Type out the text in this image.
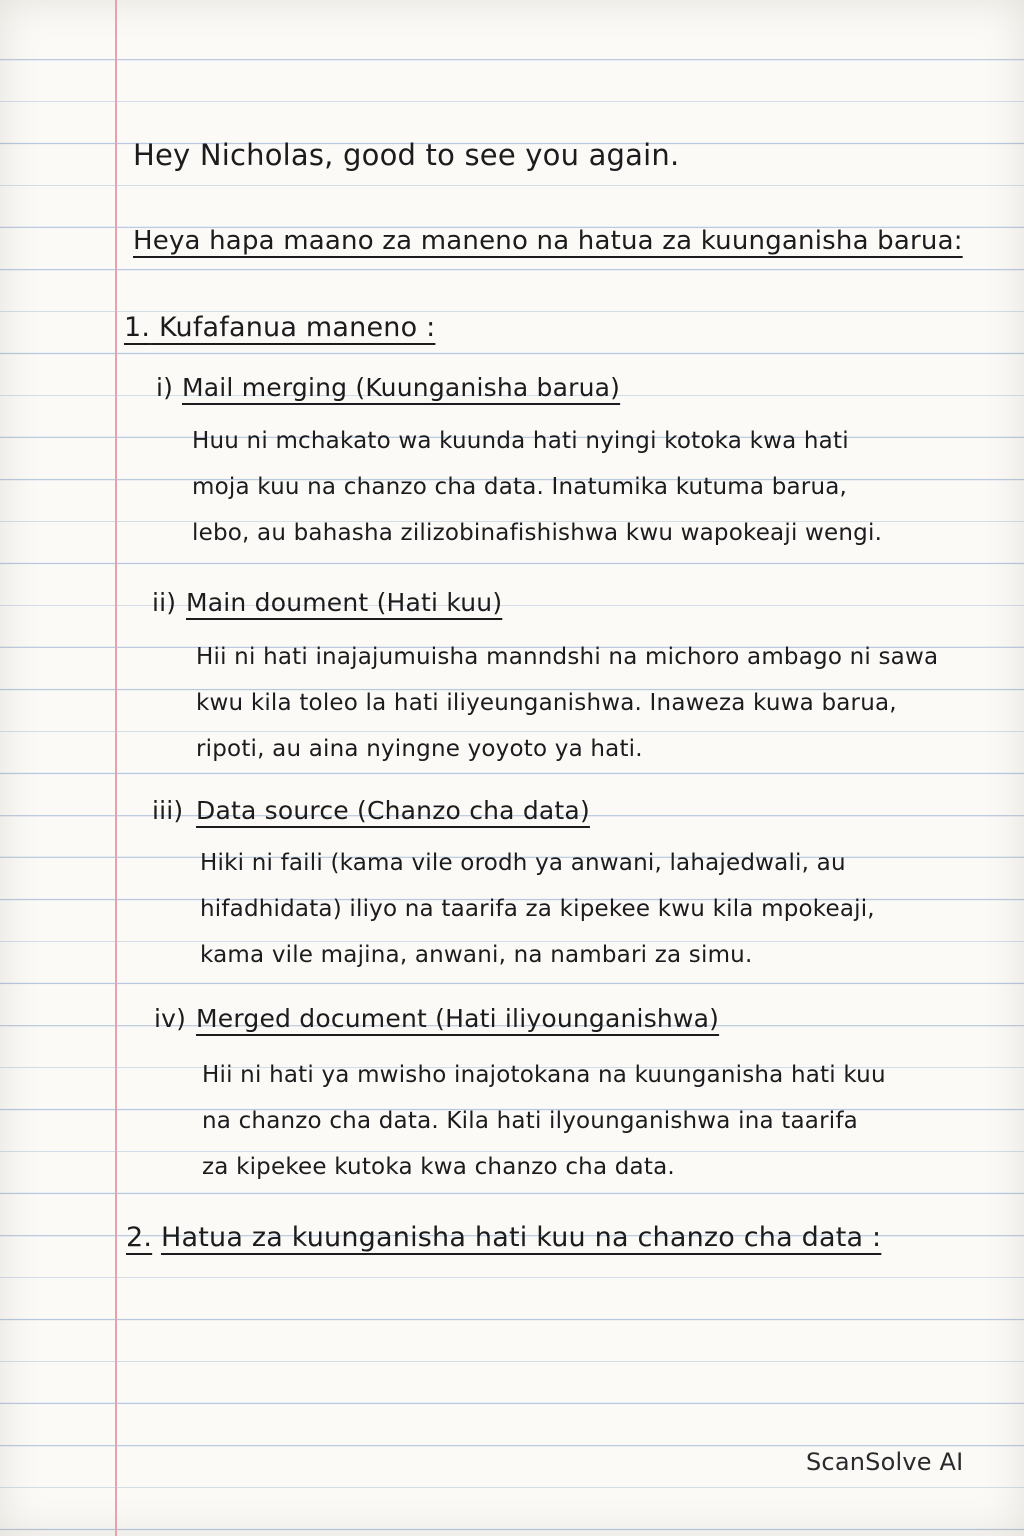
Hey Nicholas, good to see you again.
Heya hapa maano za maneno na hatua za kuunganisha barua:
1. Kufafanua maneno :
i) Mail merging (Kuunganisha barua)
Huu ni mchakato wa kuunda hati nyingi kotoka kwa hati
moja kuu na chanzo cha data. Inatumika kutuma barua,
lebo, au bahasha zilizobinafishishwa kwu wapokeaji wengi.
ii) Main doument (Hati kuu)
Hii ni hati inajajumuisha manndshi na michoro ambago ni sawa
kwu kila toleo la hati iliyeunganishwa. Inaweza kuwa barua,
ripoti, au aina nyingne yoyoto ya hati.
iii) Data source (Chanzo cha data)
Hiki ni faili (kama vile orodh ya anwani, lahajedwali, au
hifadhidata) iliyo na taarifa za kipekee kwu kila mpokeaji,
kama vile majina, anwani, na nambari za simu.
iv) Merged document (Hati iliyounganishwa)
Hii ni hati ya mwisho inajotokana na kuunganisha hati kuu
na chanzo cha data. Kila hati ilyounganishwa ina taarifa
za kipekee kutoka kwa chanzo cha data.
2. Hatua za kuunganisha hati kuu na chanzo cha data :
ScanSolve AI
